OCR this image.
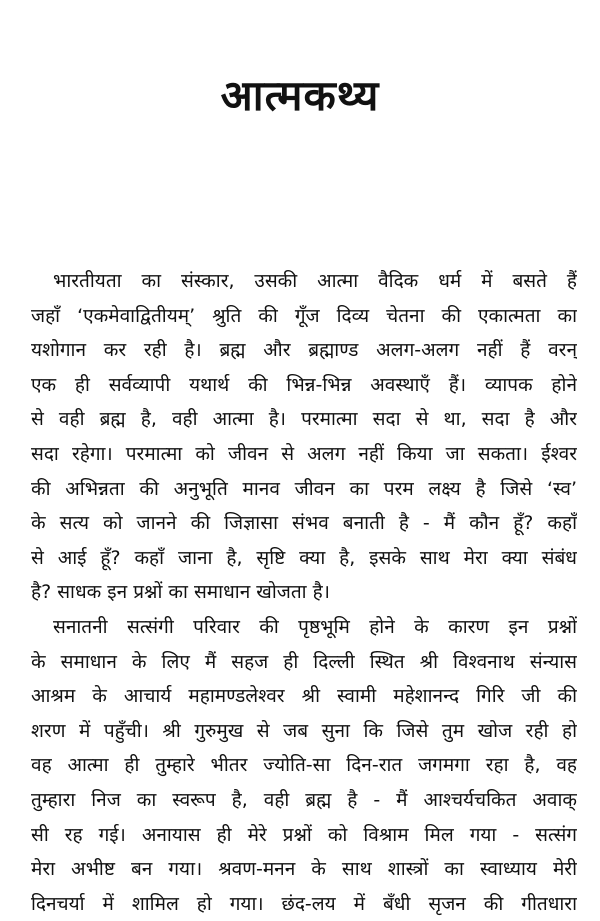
आत्मकथ्य
भारतीयता का संस्कार, उसकी आत्मा वैदिक धर्म में बसते हैं
जहाँ ‘एकमेवाद्वितीयम्’ श्रुति की गूँज दिव्य चेतना की एकात्मता का
यशोगान कर रही है। ब्रह्म और ब्रह्माण्ड अलग-अलग नहीं हैं वरन्
एक ही सर्वव्यापी यथार्थ की भिन्न-भिन्न अवस्थाएँ हैं। व्यापक होने
से वही ब्रह्म है, वही आत्मा है। परमात्मा सदा से था, सदा है और
सदा रहेगा। परमात्मा को जीवन से अलग नहीं किया जा सकता। ईश्वर
की अभिन्नता की अनुभूति मानव जीवन का परम लक्ष्य है जिसे ‘स्व’
के सत्य को जानने की जिज्ञासा संभव बनाती है - मैं कौन हूँ? कहाँ
से आई हूँ? कहाँ जाना है, सृष्टि क्या है, इसके साथ मेरा क्या संबंध
है? साधक इन प्रश्नों का समाधान खोजता है।
सनातनी सत्संगी परिवार की पृष्ठभूमि होने के कारण इन प्रश्नों
के समाधान के लिए मैं सहज ही दिल्ली स्थित श्री विश्वनाथ संन्यास
आश्रम के आचार्य महामण्डलेश्वर श्री स्वामी महेशानन्द गिरि जी की
शरण में पहुँची। श्री गुरुमुख से जब सुना कि जिसे तुम खोज रही हो
वह आत्मा ही तुम्हारे भीतर ज्योति-सा दिन-रात जगमगा रहा है, वह
तुम्हारा निज का स्वरूप है, वही ब्रह्म है - मैं आश्चर्यचकित अवाक्
सी रह गई। अनायास ही मेरे प्रश्नों को विश्राम मिल गया - सत्संग
मेरा अभीष्ट बन गया। श्रवण-मनन के साथ शास्त्रों का स्वाध्याय मेरी
दिनचर्या में शामिल हो गया। छंद-लय में बँधी सृजन की गीतधारा
